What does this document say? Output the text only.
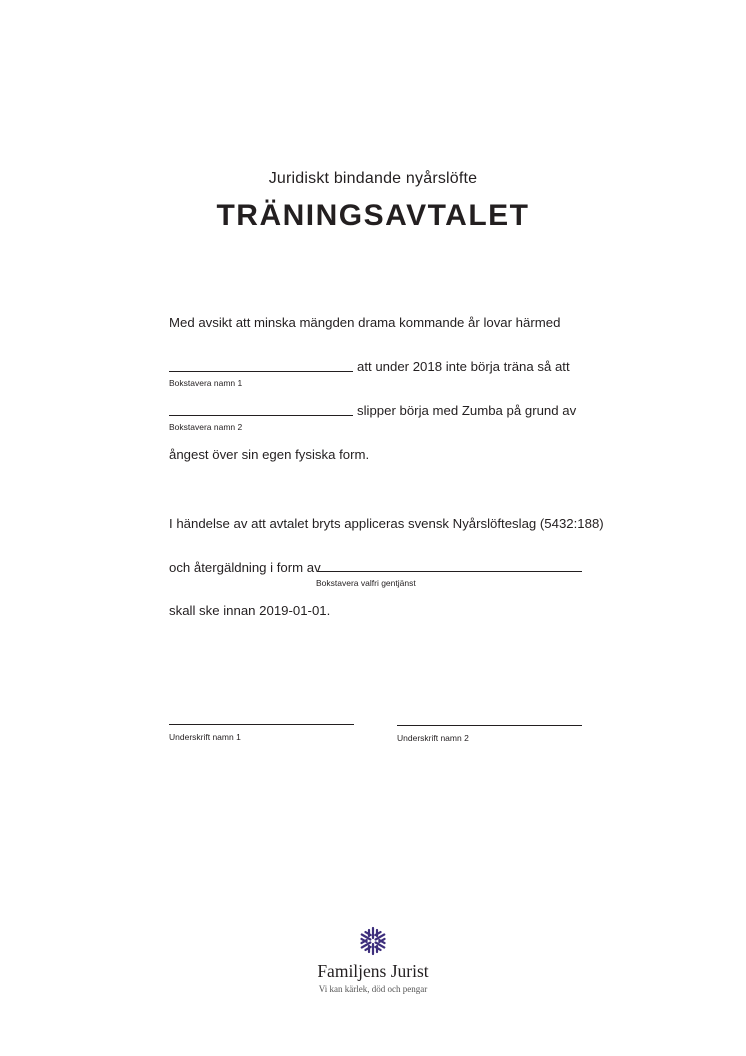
Juridiskt bindande nyårslöfte
TRÄNINGSAVTALET
Med avsikt att minska mängden drama kommande år lovar härmed
att under 2018 inte börja träna så att
Bokstavera namn 1
slipper börja med Zumba på grund av
Bokstavera namn 2
ångest över sin egen fysiska form.
I händelse av att avtalet bryts appliceras svensk Nyårslöfteslag (5432:188)
och återgäldning i form av
Bokstavera valfri gentjänst
skall ske innan 2019-01-01.
Underskrift namn 1	Underskrift namn 2
Familjens Jurist
Vi kan kärlek, död och pengar
